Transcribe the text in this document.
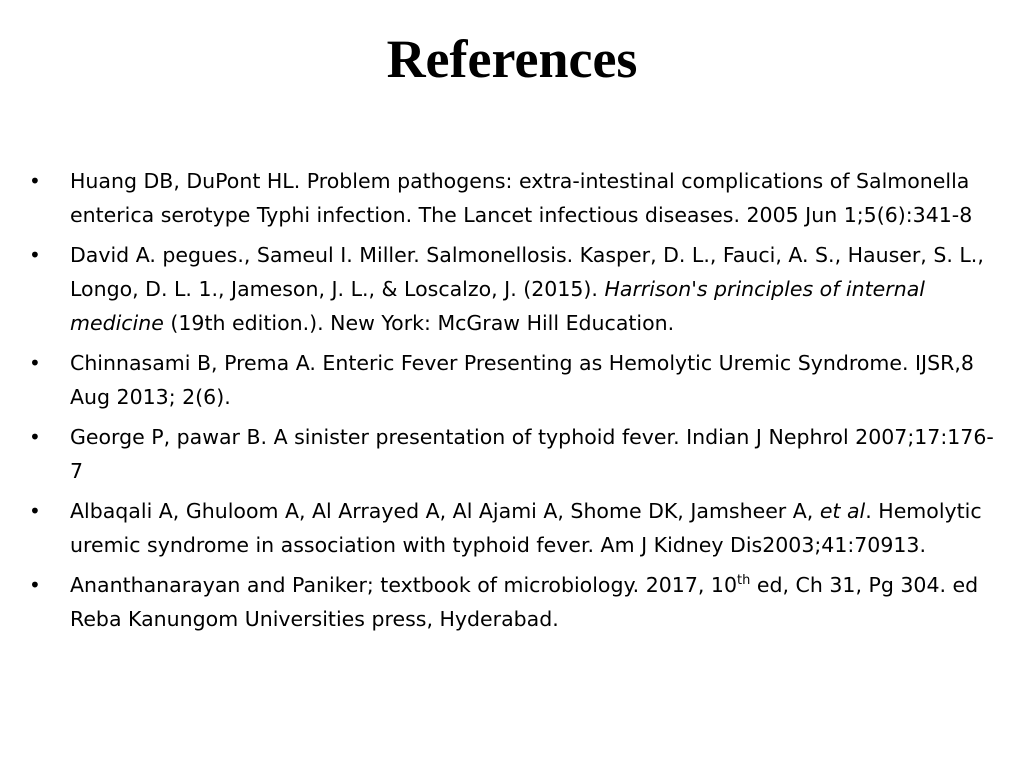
References
•	Huang DB, DuPont HL. Problem pathogens: extra-intestinal complications of Salmonella enterica serotype Typhi infection. The Lancet infectious diseases. 2005 Jun 1;5(6):341-8
•	David A. pegues., Sameul I. Miller. Salmonellosis. Kasper, D. L., Fauci, A. S., Hauser, S. L., Longo, D. L. 1., Jameson, J. L., & Loscalzo, J. (2015). Harrison's principles of internal medicine (19th edition.). New York: McGraw Hill Education.
•	Chinnasami B, Prema A. Enteric Fever Presenting as Hemolytic Uremic Syndrome. IJSR,8 Aug 2013; 2(6).
•	George P, pawar B. A sinister presentation of typhoid fever. Indian J Nephrol 2007;17:176-7
•	Albaqali A, Ghuloom A, Al Arrayed A, Al Ajami A, Shome DK, Jamsheer A, et al. Hemolytic uremic syndrome in association with typhoid fever. Am J Kidney Dis2003;41:70913.
•	Ananthanarayan and Paniker; textbook of microbiology. 2017, 10th ed, Ch 31, Pg 304. ed Reba Kanungom Universities press, Hyderabad.
